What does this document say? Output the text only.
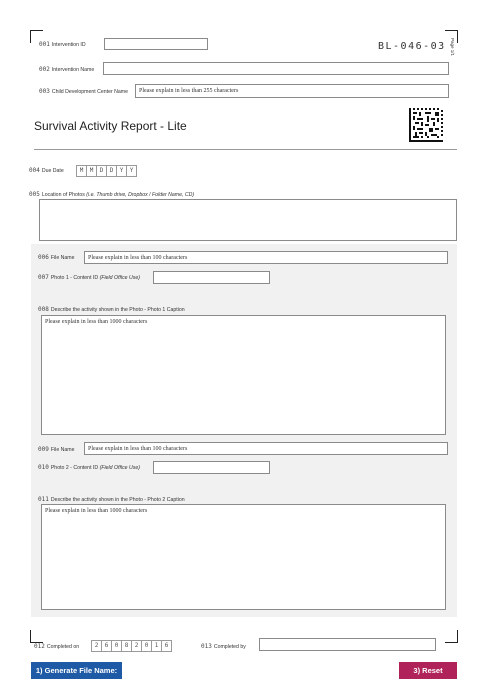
BL-046-03 Page 1/1
001 Intervention ID
002 Intervention Name
003 Child Development Center Name	Please explain in less than 255 characters
Survival Activity Report - Lite
004 Due Date	M	M	D	D	Y	Y
005 Location of Photos (i.e. Thumb drive, Dropbox / Folder Name, CD)
006 File Name	Please explain in less than 100 characters
007 Photo 1 - Content ID (Field Office Use)
008 Describe the activity shown in the Photo - Photo 1 Caption
Please explain in less than 1000 characters
009 File Name	Please explain in less than 100 characters
010 Photo 2 - Content ID (Field Office Use)
011 Describe the activity shown in the Photo - Photo 2 Caption
Please explain in less than 1000 characters
012 Completed on	2	6	0	8	2	0	1	6	013 Completed by
1) Generate File Name:	3) Reset
